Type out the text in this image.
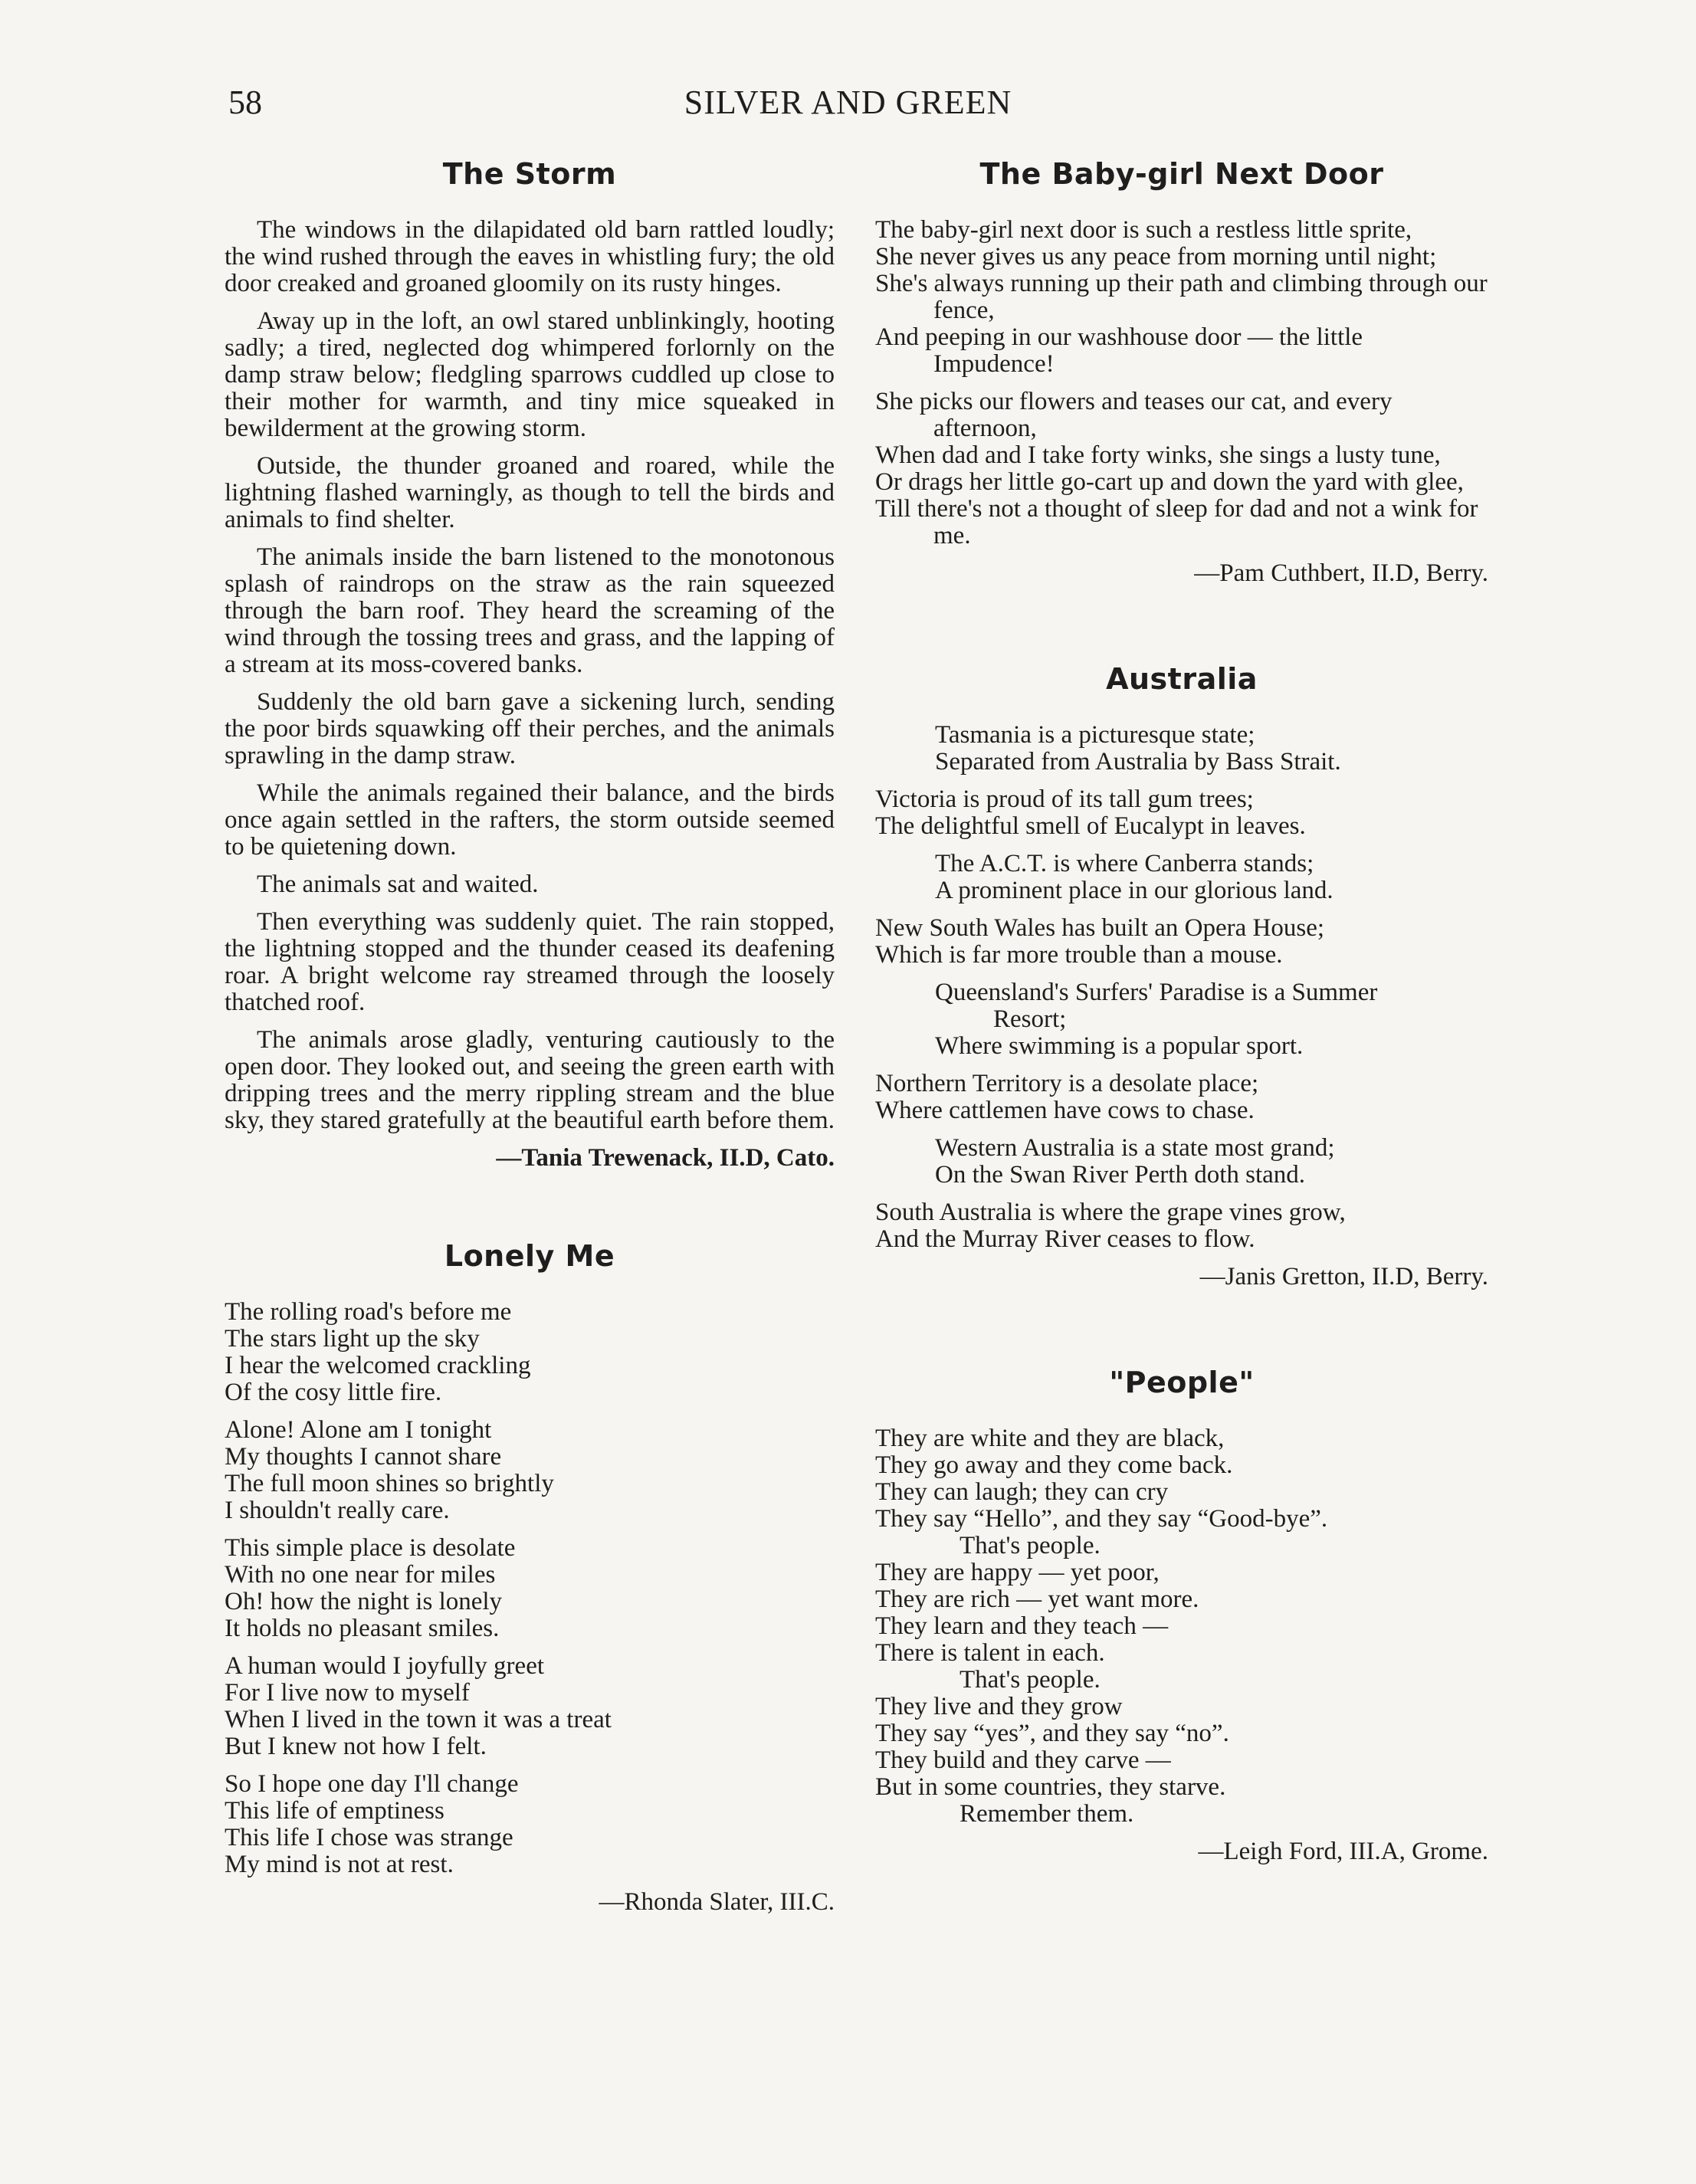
58	SILVER AND GREEN
The Storm

The windows in the dilapidated old barn rattled loudly; the wind rushed through the eaves in whistling fury; the old door creaked and groaned gloomily on its rusty hinges.

Away up in the loft, an owl stared unblinkingly, hooting sadly; a tired, neglected dog whimpered forlornly on the damp straw below; fledgling sparrows cuddled up close to their mother for warmth, and tiny mice squeaked in bewilderment at the growing storm.

Outside, the thunder groaned and roared, while the lightning flashed warningly, as though to tell the birds and animals to find shelter.

The animals inside the barn listened to the monotonous splash of raindrops on the straw as the rain squeezed through the barn roof. They heard the screaming of the wind through the tossing trees and grass, and the lapping of a stream at its moss-covered banks.

Suddenly the old barn gave a sickening lurch, sending the poor birds squawking off their perches, and the animals sprawling in the damp straw.

While the animals regained their balance, and the birds once again settled in the rafters, the storm outside seemed to be quietening down.

The animals sat and waited.

Then everything was suddenly quiet. The rain stopped, the lightning stopped and the thunder ceased its deafening roar. A bright welcome ray streamed through the loosely thatched roof.

The animals arose gladly, venturing cautiously to the open door. They looked out, and seeing the green earth with dripping trees and the merry rippling stream and the blue sky, they stared gratefully at the beautiful earth before them.

—Tania Trewenack, II.D, Cato.
Lonely Me
The rolling road's before me
The stars light up the sky
I hear the welcomed crackling
Of the cosy little fire.
Alone! Alone am I tonight
My thoughts I cannot share
The full moon shines so brightly
I shouldn't really care.
This simple place is desolate
With no one near for miles
Oh! how the night is lonely
It holds no pleasant smiles.
A human would I joyfully greet
For I live now to myself
When I lived in the town it was a treat
But I knew not how I felt.
So I hope one day I'll change
This life of emptiness
This life I chose was strange
My mind is not at rest.
—Rhonda Slater, III.C.
The Baby-girl Next Door
The baby-girl next door is such a restless little sprite,
She never gives us any peace from morning until night;
She's always running up their path and climbing through our fence,
And peeping in our washhouse door — the little Impudence!
She picks our flowers and teases our cat, and every afternoon,
When dad and I take forty winks, she sings a lusty tune,
Or drags her little go-cart up and down the yard with glee,
Till there's not a thought of sleep for dad and not a wink for me.
—Pam Cuthbert, II.D, Berry.
Australia
Tasmania is a picturesque state;
Separated from Australia by Bass Strait.
Victoria is proud of its tall gum trees;
The delightful smell of Eucalypt in leaves.
The A.C.T. is where Canberra stands;
A prominent place in our glorious land.
New South Wales has built an Opera House;
Which is far more trouble than a mouse.
Queensland's Surfers' Paradise is a Summer
Resort;
Where swimming is a popular sport.
Northern Territory is a desolate place;
Where cattlemen have cows to chase.
Western Australia is a state most grand;
On the Swan River Perth doth stand.
South Australia is where the grape vines grow,
And the Murray River ceases to flow.
—Janis Gretton, II.D, Berry.
"People"
They are white and they are black,
They go away and they come back.
They can laugh; they can cry
They say “Hello”, and they say “Good-bye”.
That's people.
They are happy — yet poor,
They are rich — yet want more.
They learn and they teach —
There is talent in each.
That's people.
They live and they grow
They say “yes”, and they say “no”.
They build and they carve —
But in some countries, they starve.
Remember them.
—Leigh Ford, III.A, Grome.
